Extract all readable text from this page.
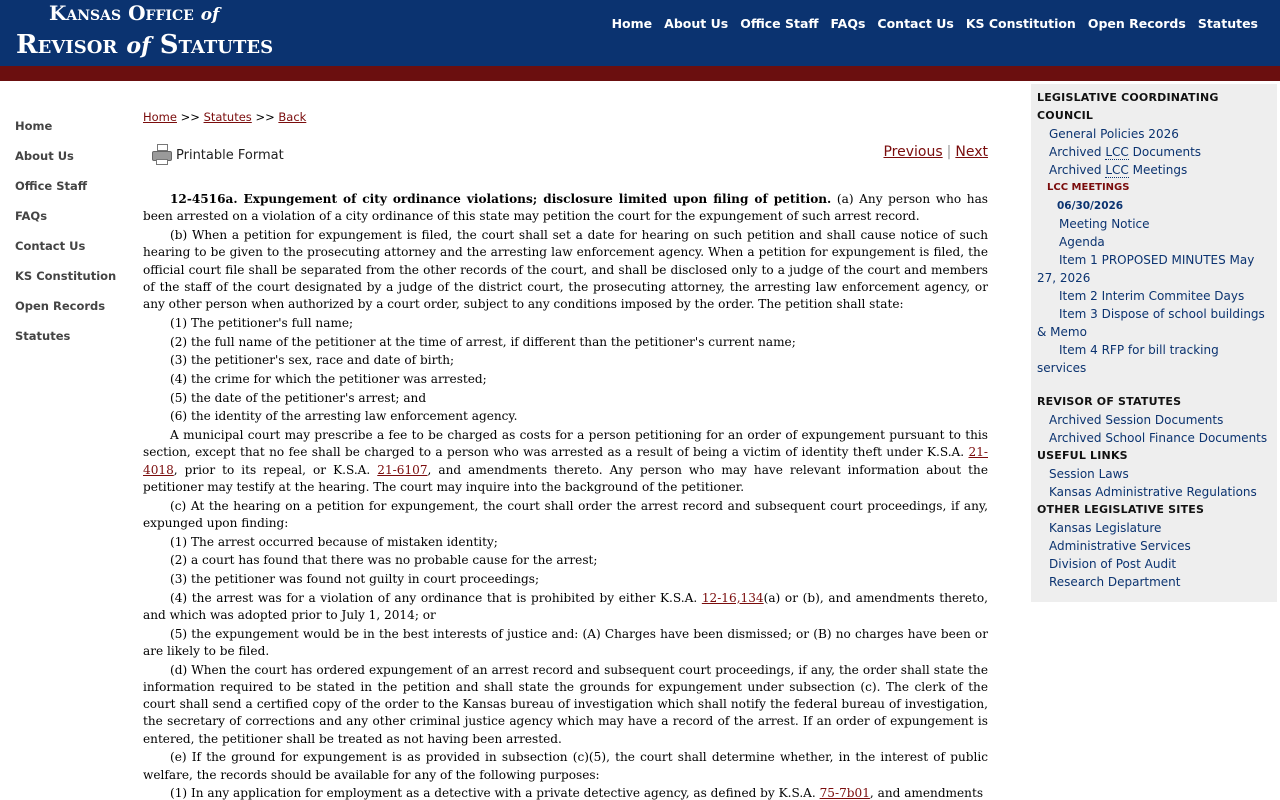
Kansas Office of
Revisor of Statutes
Home About Us Office Staff FAQs Contact Us KS Constitution Open Records Statutes
Home
About Us
Office Staff
FAQs
Contact Us
KS Constitution
Open Records
Statutes
Home >> Statutes >> Back
Printable Format	Previous | Next

12-4516a. Expungement of city ordinance violations; disclosure limited upon filing of petition. (a) Any person who has been arrested on a violation of a city ordinance of this state may petition the court for the expungement of such arrest record.

(b) When a petition for expungement is filed, the court shall set a date for hearing on such petition and shall cause notice of such hearing to be given to the prosecuting attorney and the arresting law enforcement agency. When a petition for expungement is filed, the official court file shall be separated from the other records of the court, and shall be disclosed only to a judge of the court and members of the staff of the court designated by a judge of the district court, the prosecuting attorney, the arresting law enforcement agency, or any other person when authorized by a court order, subject to any conditions imposed by the order. The petition shall state:

(1) The petitioner's full name;

(2) the full name of the petitioner at the time of arrest, if different than the petitioner's current name;

(3) the petitioner's sex, race and date of birth;

(4) the crime for which the petitioner was arrested;

(5) the date of the petitioner's arrest; and

(6) the identity of the arresting law enforcement agency.

A municipal court may prescribe a fee to be charged as costs for a person petitioning for an order of expungement pursuant to this section, except that no fee shall be charged to a person who was arrested as a result of being a victim of identity theft under K.S.A. 21-4018, prior to its repeal, or K.S.A. 21-6107, and amendments thereto. Any person who may have relevant information about the petitioner may testify at the hearing. The court may inquire into the background of the petitioner.

(c) At the hearing on a petition for expungement, the court shall order the arrest record and subsequent court proceedings, if any, expunged upon finding:

(1) The arrest occurred because of mistaken identity;

(2) a court has found that there was no probable cause for the arrest;

(3) the petitioner was found not guilty in court proceedings;

(4) the arrest was for a violation of any ordinance that is prohibited by either K.S.A. 12-16,134(a) or (b), and amendments thereto, and which was adopted prior to July 1, 2014; or

(5) the expungement would be in the best interests of justice and: (A) Charges have been dismissed; or (B) no charges have been or are likely to be filed.

(d) When the court has ordered expungement of an arrest record and subsequent court proceedings, if any, the order shall state the information required to be stated in the petition and shall state the grounds for expungement under subsection (c). The clerk of the court shall send a certified copy of the order to the Kansas bureau of investigation which shall notify the federal bureau of investigation, the secretary of corrections and any other criminal justice agency which may have a record of the arrest. If an order of expungement is entered, the petitioner shall be treated as not having been arrested.

(e) If the ground for expungement is as provided in subsection (c)(5), the court shall determine whether, in the interest of public welfare, the records should be available for any of the following purposes:

(1) In any application for employment as a detective with a private detective agency, as defined by K.S.A. 75-7b01, and amendments

LEGISLATIVE COORDINATING COUNCIL
General Policies 2026
Archived LCC Documents
Archived LCC Meetings
LCC MEETINGS
06/30/2026
Meeting Notice
Agenda
Item 1 PROPOSED MINUTES May 27, 2026
Item 2 Interim Commitee Days
Item 3 Dispose of school buildings & Memo
Item 4 RFP for bill tracking services
REVISOR OF STATUTES
Archived Session Documents
Archived School Finance Documents
USEFUL LINKS
Session Laws
Kansas Administrative Regulations
OTHER LEGISLATIVE SITES
Kansas Legislature
Administrative Services
Division of Post Audit
Research Department
